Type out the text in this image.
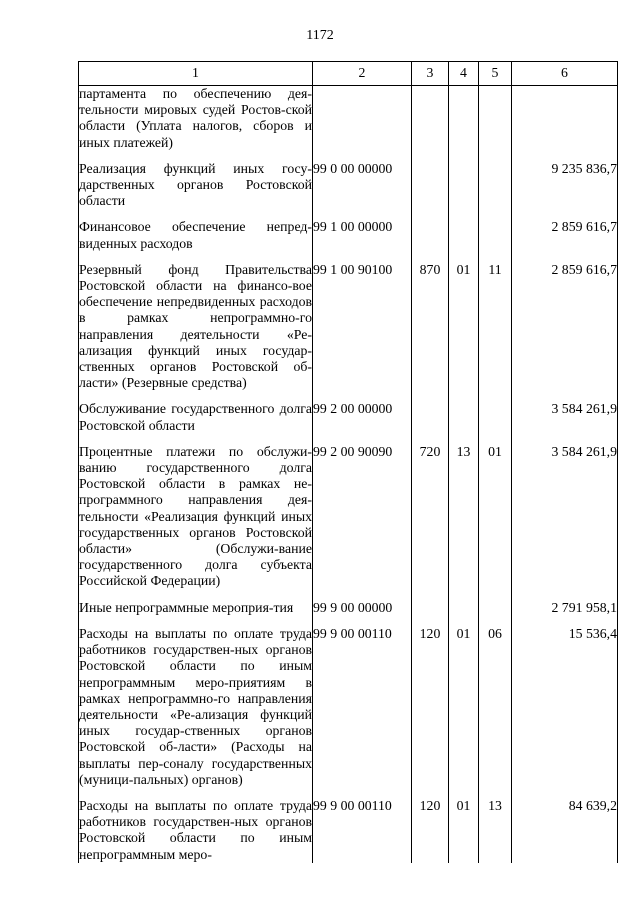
1172
1	2	3	4	5	6
партамента по обеспечению дея-тельности мировых судей Ростов-ской области (Уплата налогов, сборов и иных платежей)					
Реализация функций иных госу-дарственных органов Ростовской области	99 0 00 00000				9 235 836,7
Финансовое обеспечение непред-виденных расходов	99 1 00 00000				2 859 616,7
Резервный фонд Правительства Ростовской области на финансо-вое обеспечение непредвиденных расходов в рамках непрограммно-го направления деятельности «Ре-ализация функций иных государ-ственных органов Ростовской об-ласти» (Резервные средства)	99 1 00 90100	870	01	11	2 859 616,7
Обслуживание государственного долга Ростовской области	99 2 00 00000				3 584 261,9
Процентные платежи по обслужи-ванию государственного долга Ростовской области в рамках не-программного направления дея-тельности «Реализация функций иных государственных органов Ростовской области» (Обслужи-вание государственного долга субъекта Российской Федерации)	99 2 00 90090	720	13	01	3 584 261,9
Иные непрограммные мероприя-тия	99 9 00 00000				2 791 958,1
Расходы на выплаты по оплате труда работников государствен-ных органов Ростовской области по иным непрограммным меро-приятиям в рамках непрограммно-го направления деятельности «Ре-ализация функций иных государ-ственных органов Ростовской об-ласти» (Расходы на выплаты пер-соналу государственных (муници-пальных) органов)	99 9 00 00110	120	01	06	15 536,4
Расходы на выплаты по оплате труда работников государствен-ных органов Ростовской области по иным непрограммным меро-	99 9 00 00110	120	01	13	84 639,2
